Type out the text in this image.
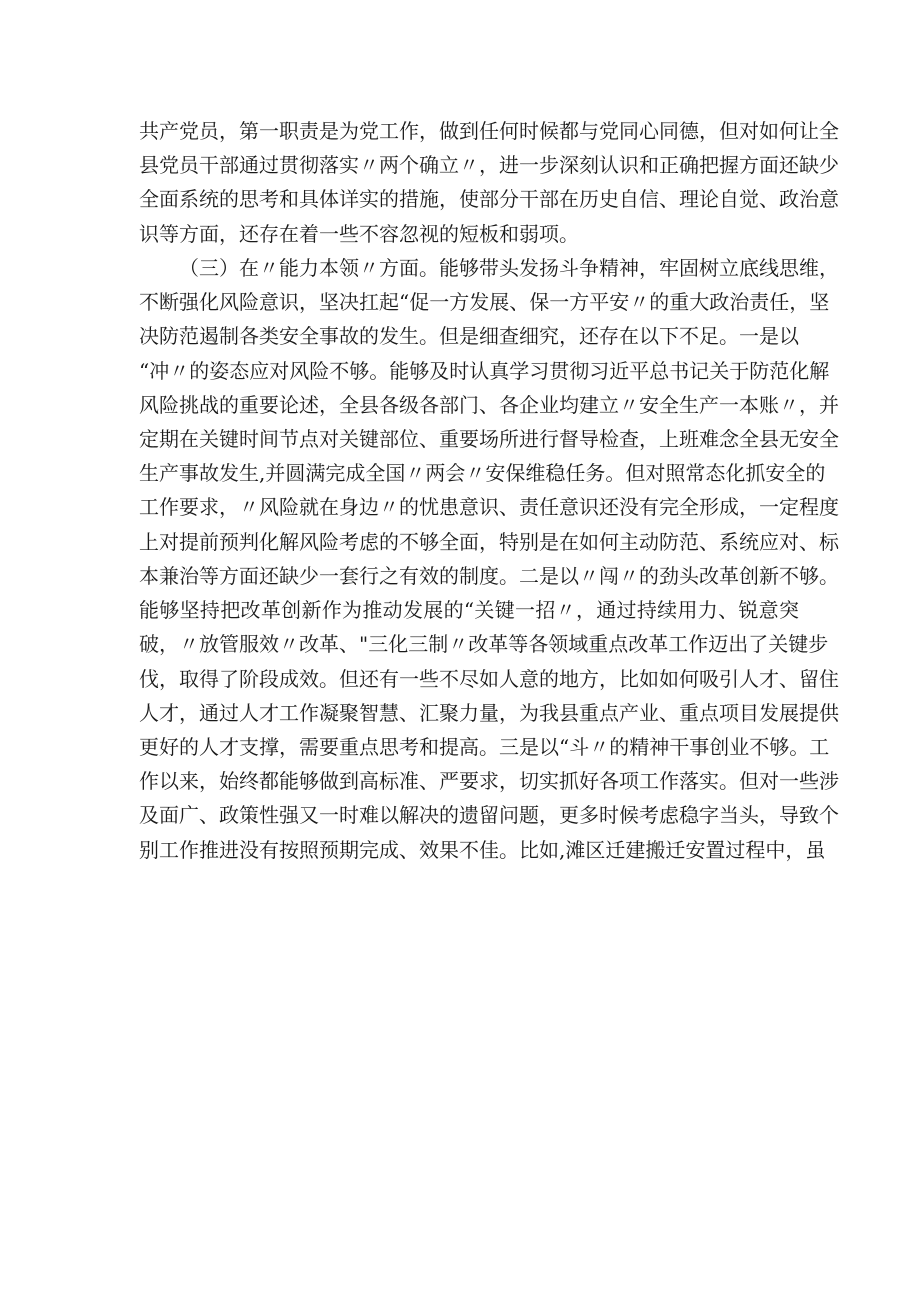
共产党员，第一职责是为党工作，做到任何时候都与党同心同德，但对如何让全
县党员干部通过贯彻落实〃两个确立〃，进一步深刻认识和正确把握方面还缺少
全面系统的思考和具体详实的措施，使部分干部在历史自信、理论自觉、政治意
识等方面，还存在着一些不容忽视的短板和弱项。
（三）在〃能力本领〃方面。能够带头发扬斗争精神，牢固树立底线思维，
不断强化风险意识，坚决扛起“促一方发展、保一方平安〃的重大政治责任，坚
决防范遏制各类安全事故的发生。但是细查细究，还存在以下不足。一是以
“冲〃的姿态应对风险不够。能够及时认真学习贯彻习近平总书记关于防范化解
风险挑战的重要论述，全县各级各部门、各企业均建立〃安全生产一本账〃，并
定期在关键时间节点对关键部位、重要场所进行督导检查，上班难念全县无安全
生产事故发生,并圆满完成全国〃两会〃安保维稳任务。但对照常态化抓安全的
工作要求，〃风险就在身边〃的忧患意识、责任意识还没有完全形成，一定程度
上对提前预判化解风险考虑的不够全面，特别是在如何主动防范、系统应对、标
本兼治等方面还缺少一套行之有效的制度。二是以〃闯〃的劲头改革创新不够。
能够坚持把改革创新作为推动发展的“关键一招〃，通过持续用力、锐意突
破，〃放管服效〃改革、"三化三制〃改革等各领域重点改革工作迈出了关键步
伐，取得了阶段成效。但还有一些不尽如人意的地方，比如如何吸引人才、留住
人才，通过人才工作凝聚智慧、汇聚力量，为我县重点产业、重点项目发展提供
更好的人才支撑，需要重点思考和提高。三是以“斗〃的精神干事创业不够。工
作以来，始终都能够做到高标准、严要求，切实抓好各项工作落实。但对一些涉
及面广、政策性强又一时难以解决的遗留问题，更多时候考虑稳字当头，导致个
别工作推进没有按照预期完成、效果不佳。比如,滩区迁建搬迁安置过程中，虽
